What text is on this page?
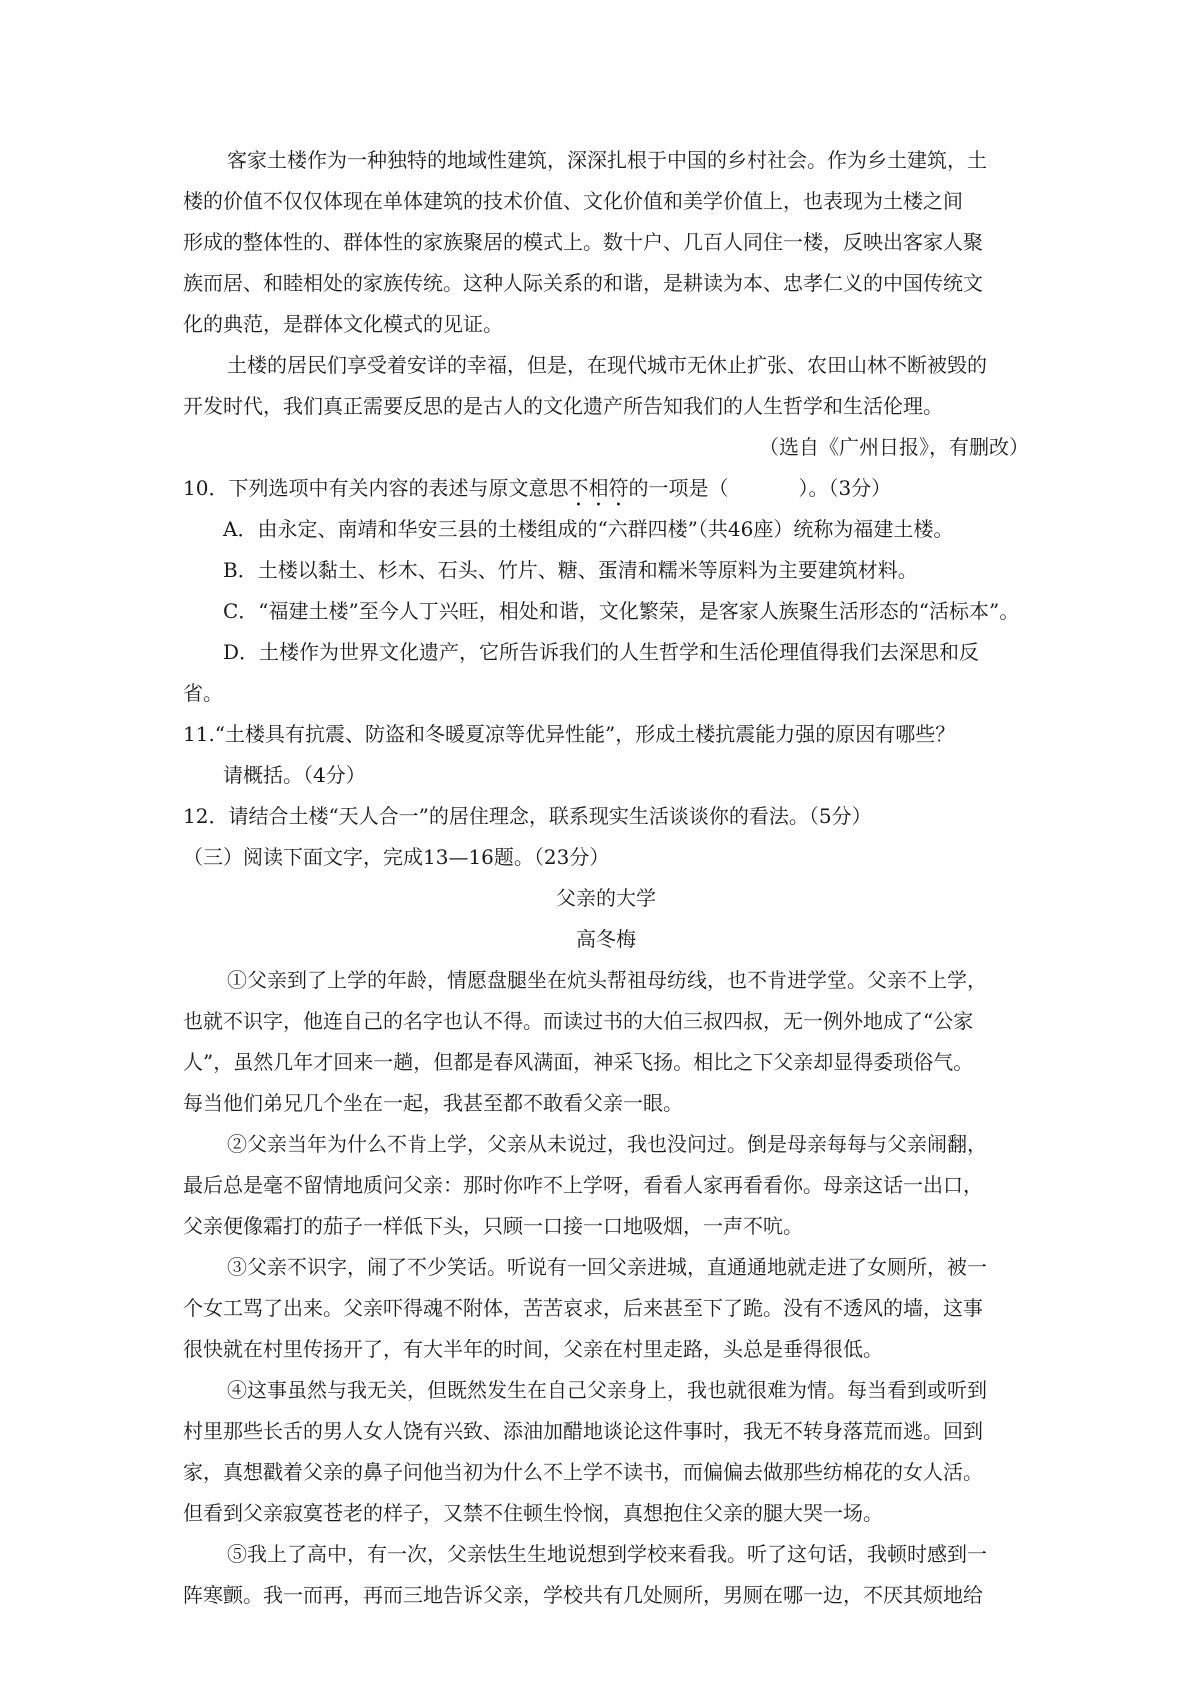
客家土楼作为一种独特的地域性建筑，深深扎根于中国的乡村社会。作为乡土建筑，土
楼的价值不仅仅体现在单体建筑的技术价值、文化价值和美学价值上，也表现为土楼之间
形成的整体性的、群体性的家族聚居的模式上。数十户、几百人同住一楼，反映出客家人聚
族而居、和睦相处的家族传统。这种人际关系的和谐，是耕读为本、忠孝仁义的中国传统文
化的典范，是群体文化模式的见证。
土楼的居民们享受着安详的幸福，但是，在现代城市无休止扩张、农田山林不断被毁的
开发时代，我们真正需要反思的是古人的文化遗产所告知我们的人生哲学和生活伦理。
（选自《广州日报》，有删改）
10．下列选项中有关内容的表述与原文意思不相符的一项是（	）。（3分）
A．由永定、南靖和华安三县的土楼组成的“六群四楼”（共46座）统称为福建土楼。
B．土楼以黏土、杉木、石头、竹片、糖、蛋清和糯米等原料为主要建筑材料。
C．“福建土楼”至今人丁兴旺，相处和谐，文化繁荣，是客家人族聚生活形态的“活标本”。
D．土楼作为世界文化遗产，它所告诉我们的人生哲学和生活伦理值得我们去深思和反
省。
11.“土楼具有抗震、防盗和冬暖夏凉等优异性能”，形成土楼抗震能力强的原因有哪些？
请概括。（4分）
12．请结合土楼“天人合一”的居住理念，联系现实生活谈谈你的看法。（5分）
（三）阅读下面文字，完成13—16题。（23分）
父亲的大学
高冬梅
①父亲到了上学的年龄，情愿盘腿坐在炕头帮祖母纺线，也不肯进学堂。父亲不上学，
也就不识字，他连自己的名字也认不得。而读过书的大伯三叔四叔，无一例外地成了“公家
人”，虽然几年才回来一趟，但都是春风满面，神采飞扬。相比之下父亲却显得委琐俗气。
每当他们弟兄几个坐在一起，我甚至都不敢看父亲一眼。
②父亲当年为什么不肯上学，父亲从未说过，我也没问过。倒是母亲每每与父亲闹翻，
最后总是毫不留情地质问父亲：那时你咋不上学呀，看看人家再看看你。母亲这话一出口，
父亲便像霜打的茄子一样低下头，只顾一口接一口地吸烟，一声不吭。
③父亲不识字，闹了不少笑话。听说有一回父亲进城，直通通地就走进了女厕所，被一
个女工骂了出来。父亲吓得魂不附体，苦苦哀求，后来甚至下了跪。没有不透风的墙，这事
很快就在村里传扬开了，有大半年的时间，父亲在村里走路，头总是垂得很低。
④这事虽然与我无关，但既然发生在自己父亲身上，我也就很难为情。每当看到或听到
村里那些长舌的男人女人饶有兴致、添油加醋地谈论这件事时，我无不转身落荒而逃。回到
家，真想戳着父亲的鼻子问他当初为什么不上学不读书，而偏偏去做那些纺棉花的女人活。
但看到父亲寂寞苍老的样子，又禁不住顿生怜悯，真想抱住父亲的腿大哭一场。
⑤我上了高中，有一次，父亲怯生生地说想到学校来看我。听了这句话，我顿时感到一
阵寒颤。我一而再，再而三地告诉父亲，学校共有几处厕所，男厕在哪一边，不厌其烦地给
